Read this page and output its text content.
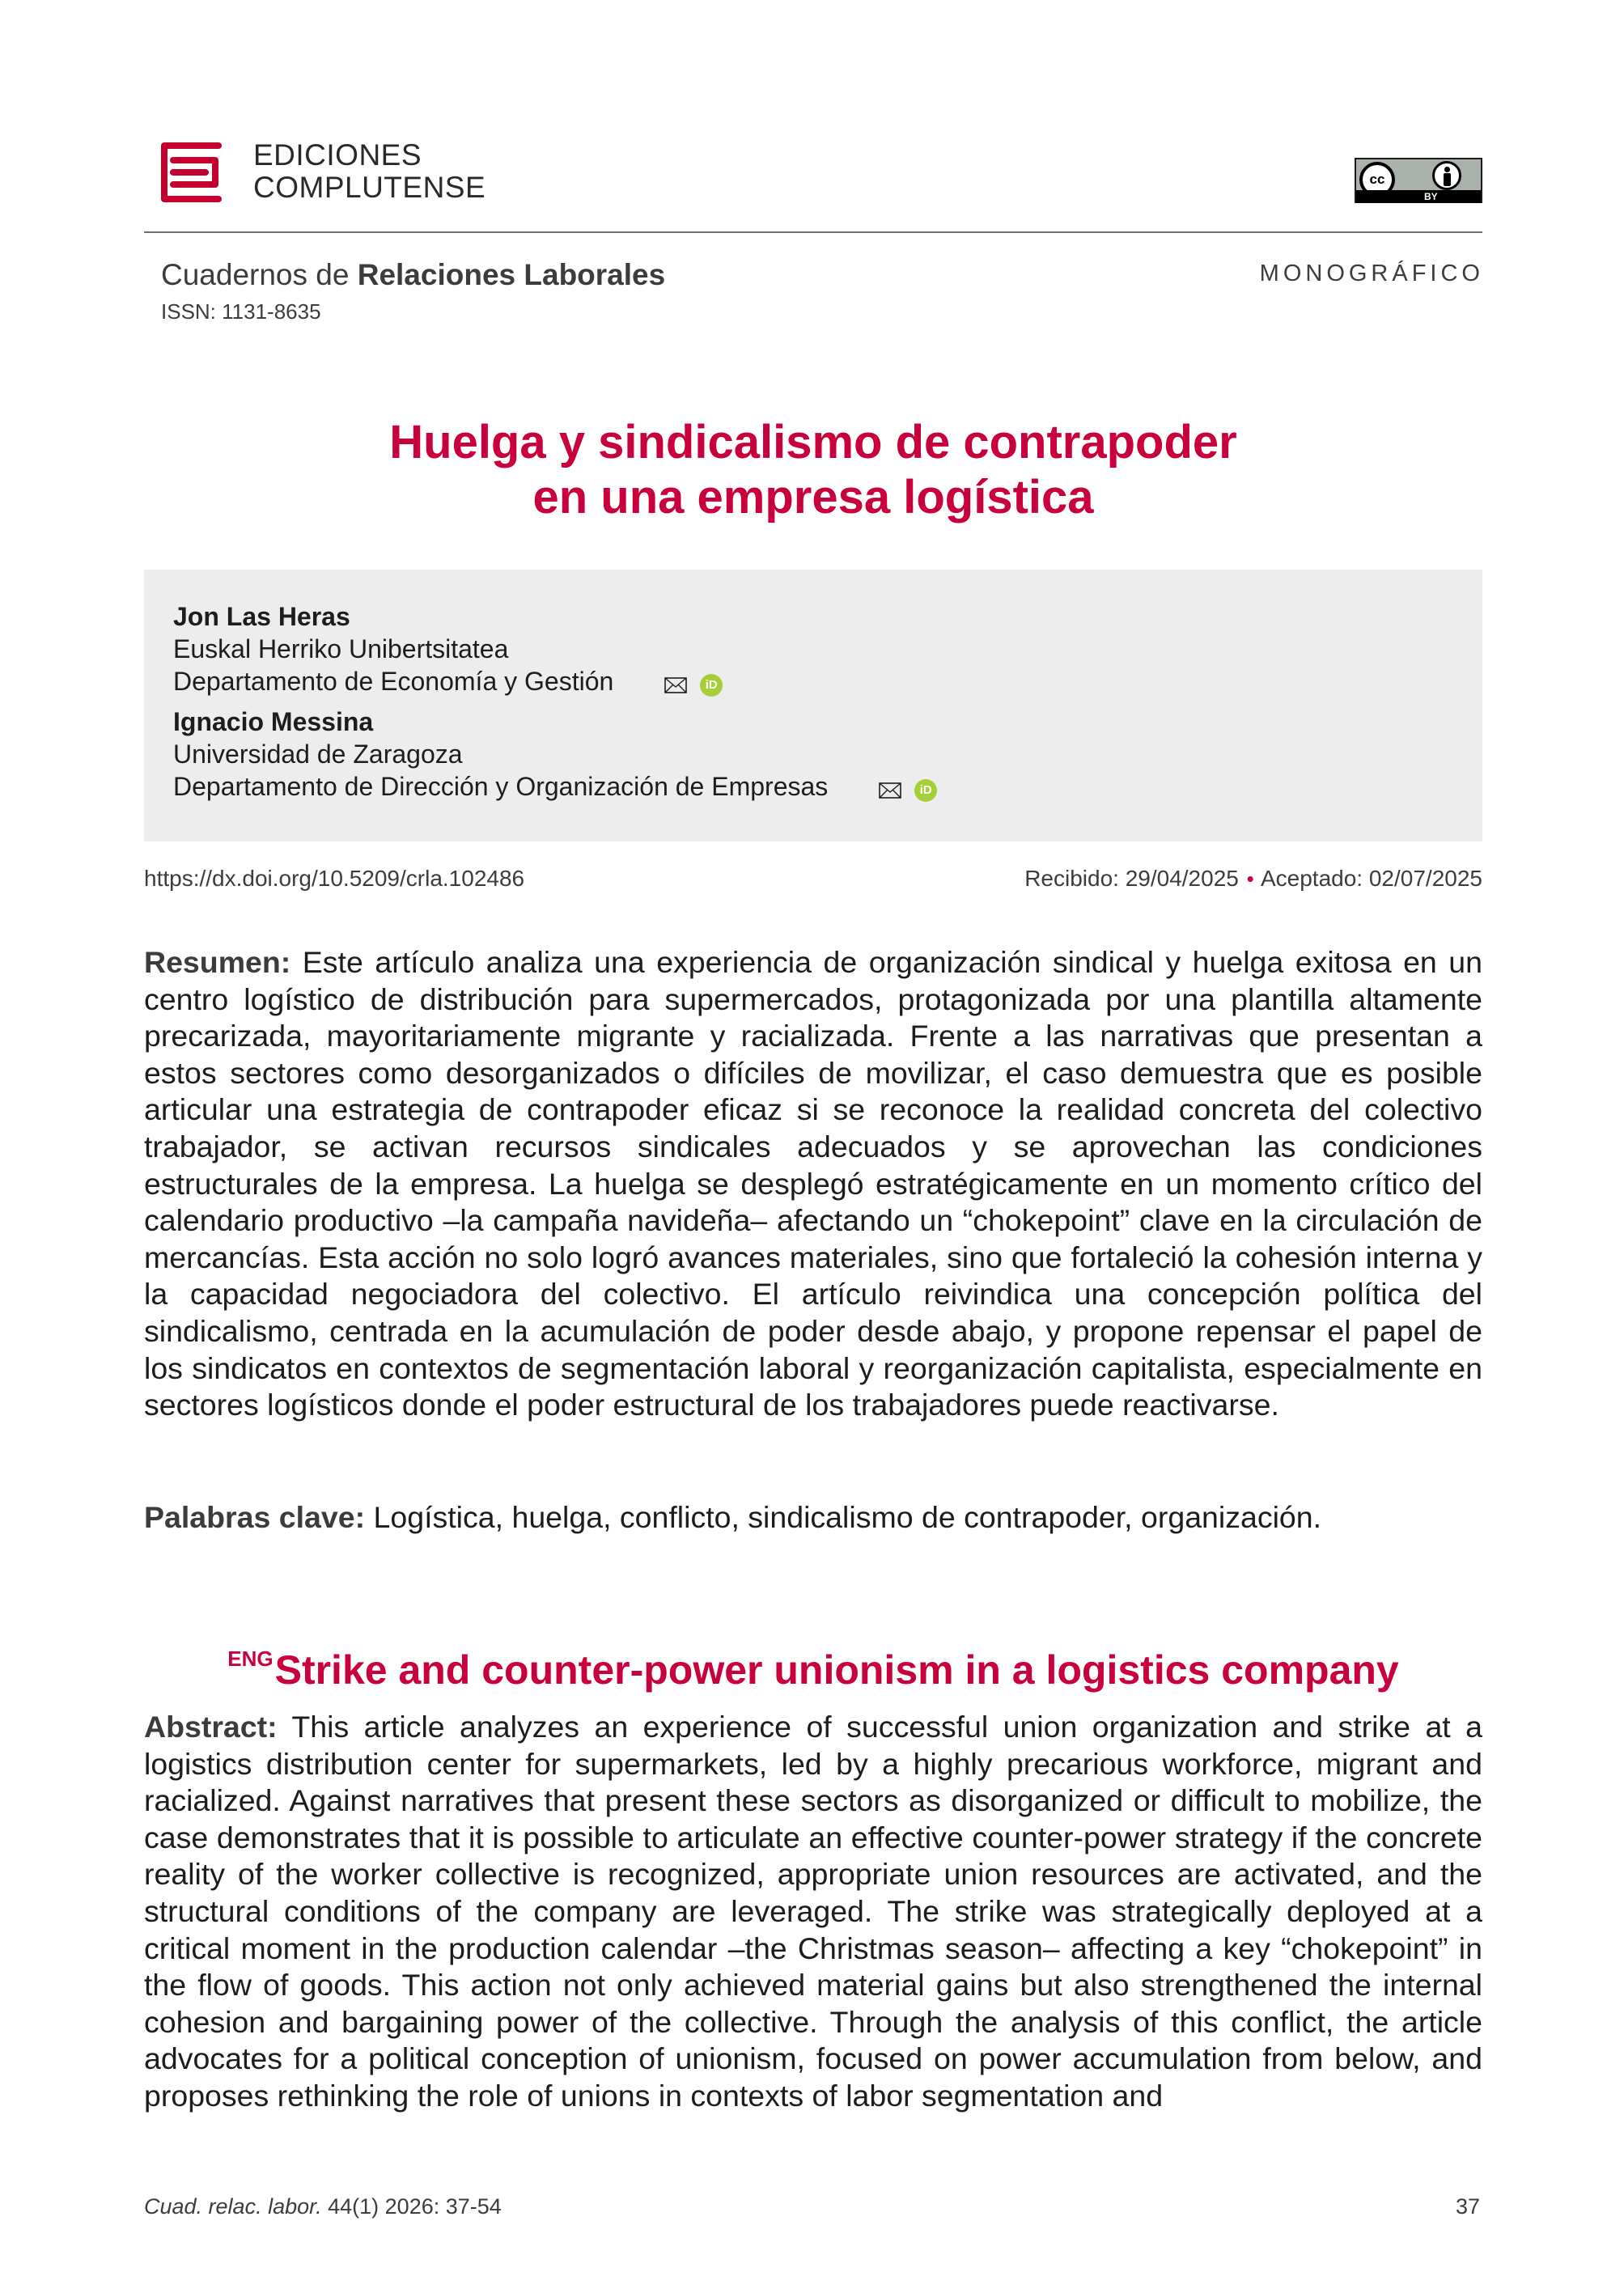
EDICIONES
COMPLUTENSE	cc
BY
Cuadernos de Relaciones Laborales
ISSN: 1131-8635
MONOGRÁFICO
Huelga y sindicalismo de contrapoder
en una empresa logística
Jon Las Heras
Euskal Herriko Unibertsitatea
Departamento de Economía y Gestión	iD
Ignacio Messina
Universidad de Zaragoza
Departamento de Dirección y Organización de Empresas	iD
https://dx.doi.org/10.5209/crla.102486	Recibido: 29/04/2025 • Aceptado: 02/07/2025

Resumen: Este artículo analiza una experiencia de organización sindical y huelga exitosa en un centro logístico de distribución para supermercados, protagonizada por una plantilla altamente precarizada, mayoritariamente migrante y racializada. Frente a las narrativas que presentan a estos sectores como desorganizados o difíciles de movilizar, el caso demuestra que es posible articular una estrategia de contrapoder eficaz si se reconoce la realidad concreta del colectivo trabajador, se activan recursos sindicales adecuados y se aprovechan las condiciones estructurales de la empresa. La huelga se desplegó estratégicamente en un momento crítico del calendario productivo –la campaña navideña– afectando un “chokepoint” clave en la circulación de mercancías. Esta acción no solo logró avances materiales, sino que fortaleció la cohesión interna y la capacidad negociadora del colectivo. El artículo reivindica una concepción política del sindicalismo, centrada en la acumulación de poder desde abajo, y propone repensar el papel de los sindicatos en contextos de segmentación laboral y reorganización capitalista, especialmente en sectores logísticos donde el poder estructural de los trabajadores puede reactivarse.

Palabras clave: Logística, huelga, conflicto, sindicalismo de contrapoder, organización.

$^{ENG}$Strike and counter-power unionism in a logistics company

Abstract: This article analyzes an experience of successful union organization and strike at a logistics distribution center for supermarkets, led by a highly precarious workforce, migrant and racialized. Against narratives that present these sectors as disorganized or difficult to mobilize, the case demonstrates that it is possible to articulate an effective counter-power strategy if the concrete reality of the worker collective is recognized, appropriate union resources are activated, and the structural conditions of the company are leveraged. The strike was strategically deployed at a critical moment in the production calendar –the Christmas season– affecting a key “chokepoint” in the flow of goods. This action not only achieved material gains but also strengthened the internal cohesion and bargaining power of the collective. Through the analysis of this conflict, the article advocates for a political conception of unionism, focused on power accumulation from below, and proposes rethinking the role of unions in contexts of labor segmentation and

Cuad. relac. labor. 44(1) 2026: 37-54	37
